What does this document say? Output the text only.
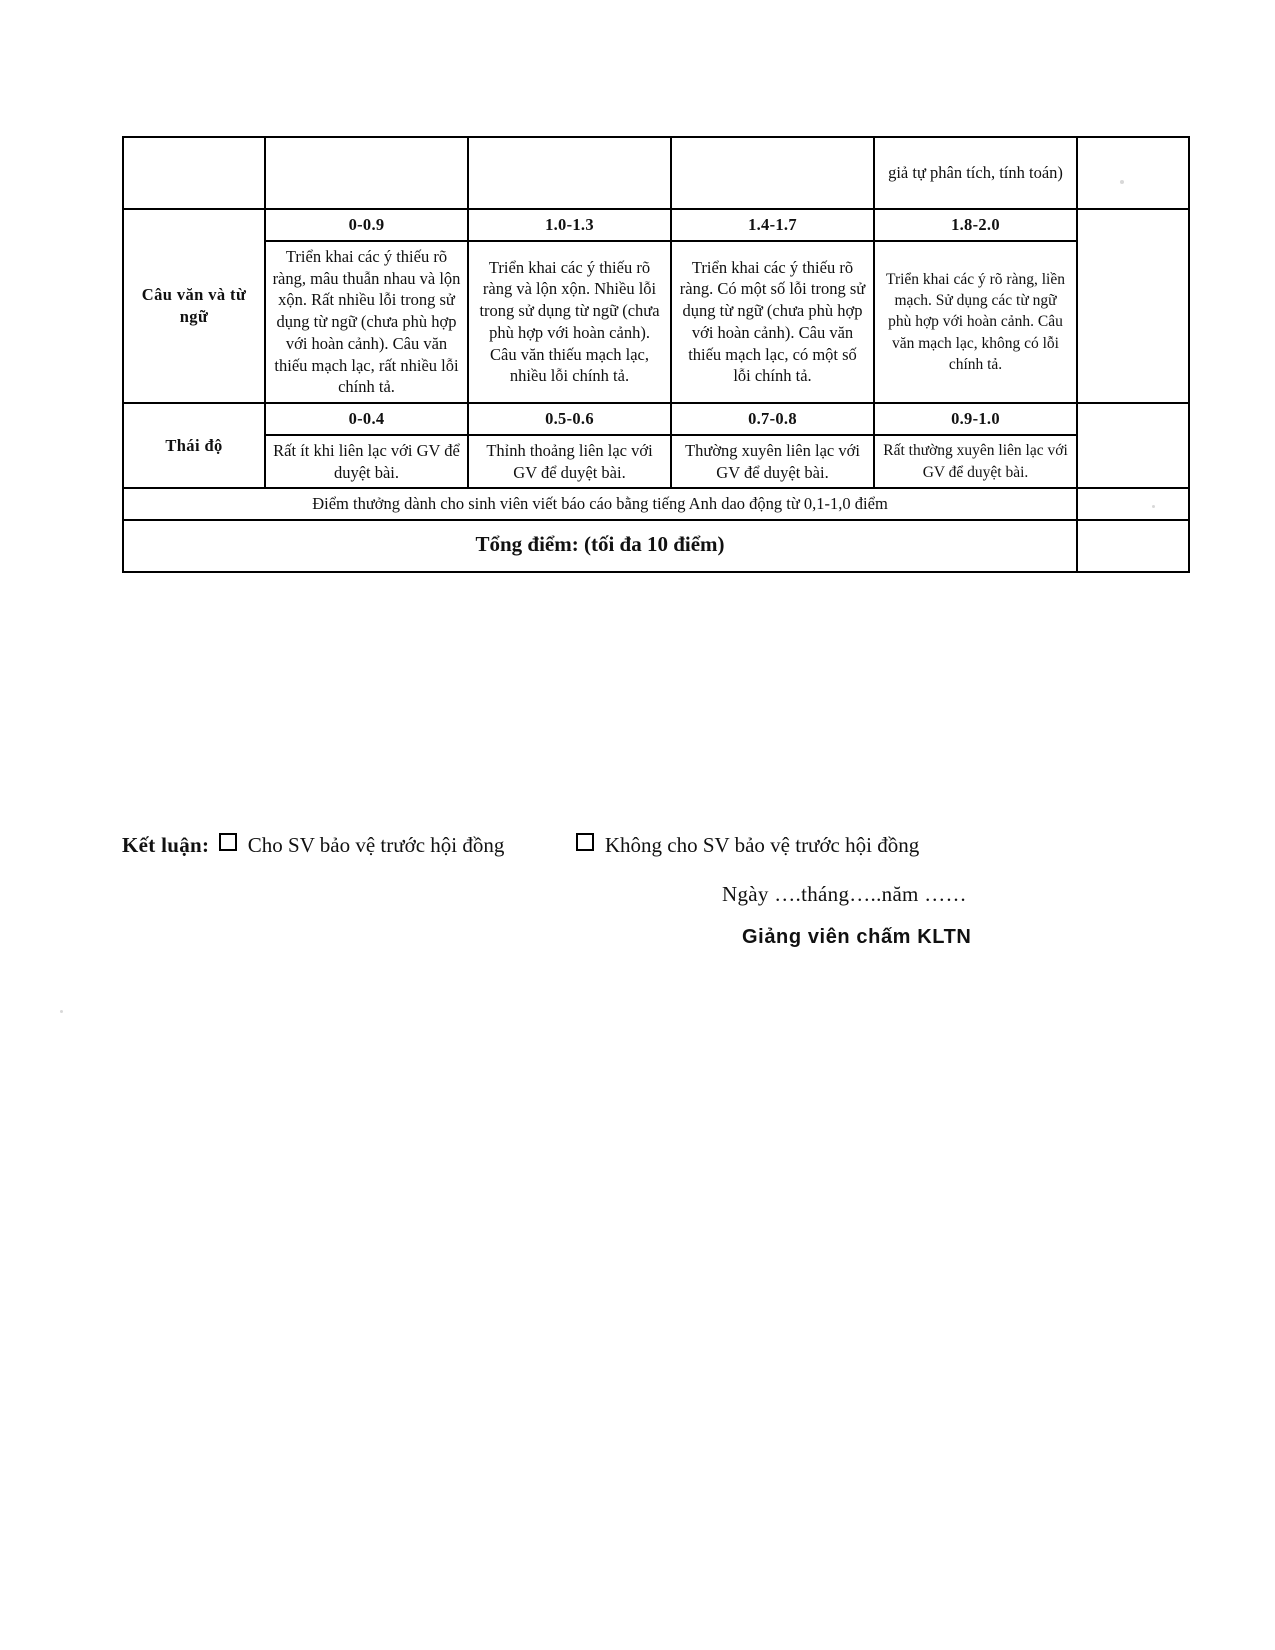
				giả tự phân tích, tính toán)	
Câu văn và từ ngữ	0-0.9	1.0-1.3	1.4-1.7	1.8-2.0	
	Triển khai các ý thiếu rõ ràng, mâu thuẫn nhau và lộn xộn. Rất nhiều lỗi trong sử dụng từ ngữ (chưa phù hợp với hoàn cảnh). Câu văn thiếu mạch lạc, rất nhiều lỗi chính tả.	Triển khai các ý thiếu rõ ràng và lộn xộn. Nhiều lỗi trong sử dụng từ ngữ (chưa phù hợp với hoàn cảnh). Câu văn thiếu mạch lạc, nhiều lỗi chính tả.	Triển khai các ý thiếu rõ ràng. Có một số lỗi trong sử dụng từ ngữ (chưa phù hợp với hoàn cảnh). Câu văn thiếu mạch lạc, có một số lỗi chính tả.	Triển khai các ý rõ ràng, liền mạch. Sử dụng các từ ngữ phù hợp với hoàn cảnh. Câu văn mạch lạc, không có lỗi chính tả.	
Thái độ	0-0.4	0.5-0.6	0.7-0.8	0.9-1.0	
	Rất ít khi liên lạc với GV để duyệt bài.	Thỉnh thoảng liên lạc với GV để duyệt bài.	Thường xuyên liên lạc với GV để duyệt bài.	Rất thường xuyên liên lạc với GV để duyệt bài.	
Điểm thưởng dành cho sinh viên viết báo cáo bằng tiếng Anh dao động từ 0,1-1,0 điểm					
Tổng điểm: (tối đa 10 điểm)					
Kết luận: Cho SV bảo vệ trước hội đồng	Không cho SV bảo vệ trước hội đồng
Ngày ….tháng…..năm ……
Giảng viên chấm KLTN
